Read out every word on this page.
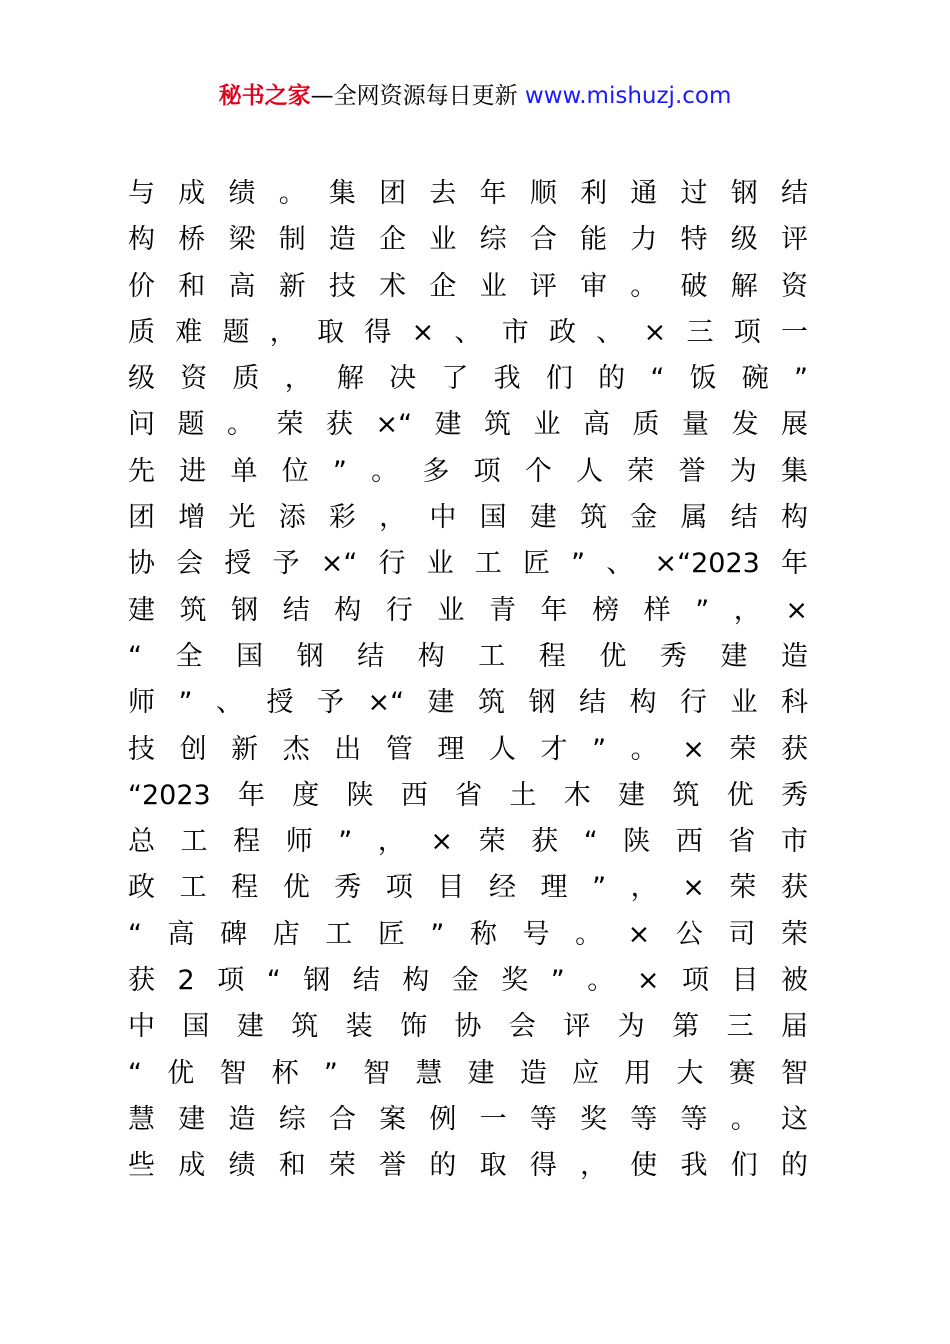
秘书之家—全网资源每日更新 www.mishuzj.com
与成绩。集团去年顺利通过钢结
构桥梁制造企业综合能力特级评
价和高新技术企业评审。破解资
质难题，取得×、市政、×三项一
级资质，解决了我们的“饭碗”
问题。荣获×“建筑业高质量发展
先进单位”。多项个人荣誉为集
团增光添彩，中国建筑金属结构
协会授予×“行业工匠”、×“2023年
建筑钢结构行业青年榜样”，×
“全国钢结构工程优秀建造
师”、授予×“建筑钢结构行业科
技创新杰出管理人才”。×荣获
“2023年度陕西省土木建筑优秀
总工程师”，×荣获“陕西省市
政工程优秀项目经理”，×荣获
“高碑店工匠”称号。×公司荣
获2项“钢结构金奖”。×项目被
中国建筑装饰协会评为第三届
“优智杯”智慧建造应用大赛智
慧建造综合案例一等奖等等。这
些成绩和荣誉的取得，使我们的
